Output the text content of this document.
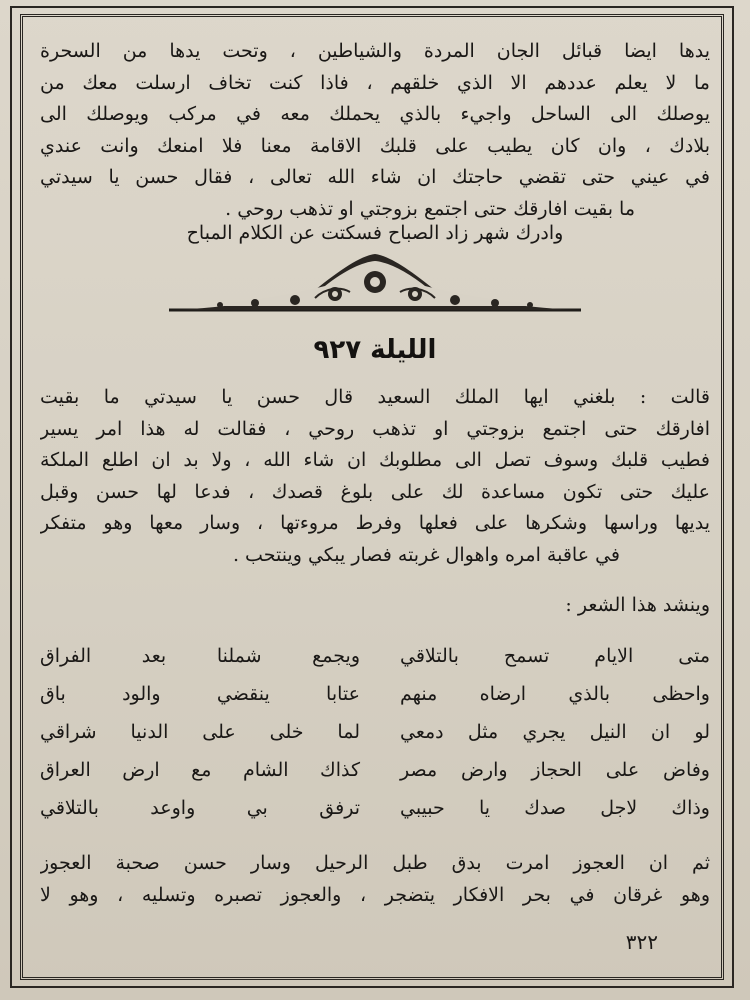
يدها ايضا قبائل الجان المردة والشياطين ، وتحت يدها من السحرة
ما لا يعلم عددهم الا الذي خلقهم ، فاذا كنت تخاف ارسلت معك من
يوصلك الى الساحل واجيء بالذي يحملك معه في مركب ويوصلك الى
بلادك ، وان كان يطيب على قلبك الاقامة معنا فلا امنعك وانت عندي
في عيني حتى تقضي حاجتك ان شاء الله تعالى ، فقال حسن يا سيدتي
ما بقيت افارقك حتى اجتمع بزوجتي او تذهب روحي .
وادرك شهر زاد الصباح فسكتت عن الكلام المباح
الليلة ٩٢٧
قالت : بلغني ايها الملك السعيد قال حسن يا سيدتي ما بقيت
افارقك حتى اجتمع بزوجتي او تذهب روحي ، فقالت له هذا امر يسير
فطيب قلبك وسوف تصل الى مطلوبك ان شاء الله ، ولا بد ان اطلع الملكة
عليك حتى تكون مساعدة لك على بلوغ قصدك ، فدعا لها حسن وقبل
يديها وراسها وشكرها على فعلها وفرط مروءتها ، وسار معها وهو متفكر
في عاقبة امره واهوال غربته فصار يبكي وينتحب .
وينشد هذا الشعر :
متى الايام تسمح بالتلاقي
ويجمع شملنا بعد الفراق
واحظى بالذي ارضاه منهم
عتابا ينقضي والود باق
لو ان النيل يجري مثل دمعي
لما خلى على الدنيا شراقي
وفاض على الحجاز وارض مصر
كذاك الشام مع ارض العراق
وذاك لاجل صدك يا حبيبي
ترفق بي واوعد بالتلاقي
ثم ان العجوز امرت بدق طبل الرحيل وسار حسن صحبة العجوز
وهو غرقان في بحر الافكار يتضجر ، والعجوز تصبره وتسليه ، وهو لا
٣٢٢
